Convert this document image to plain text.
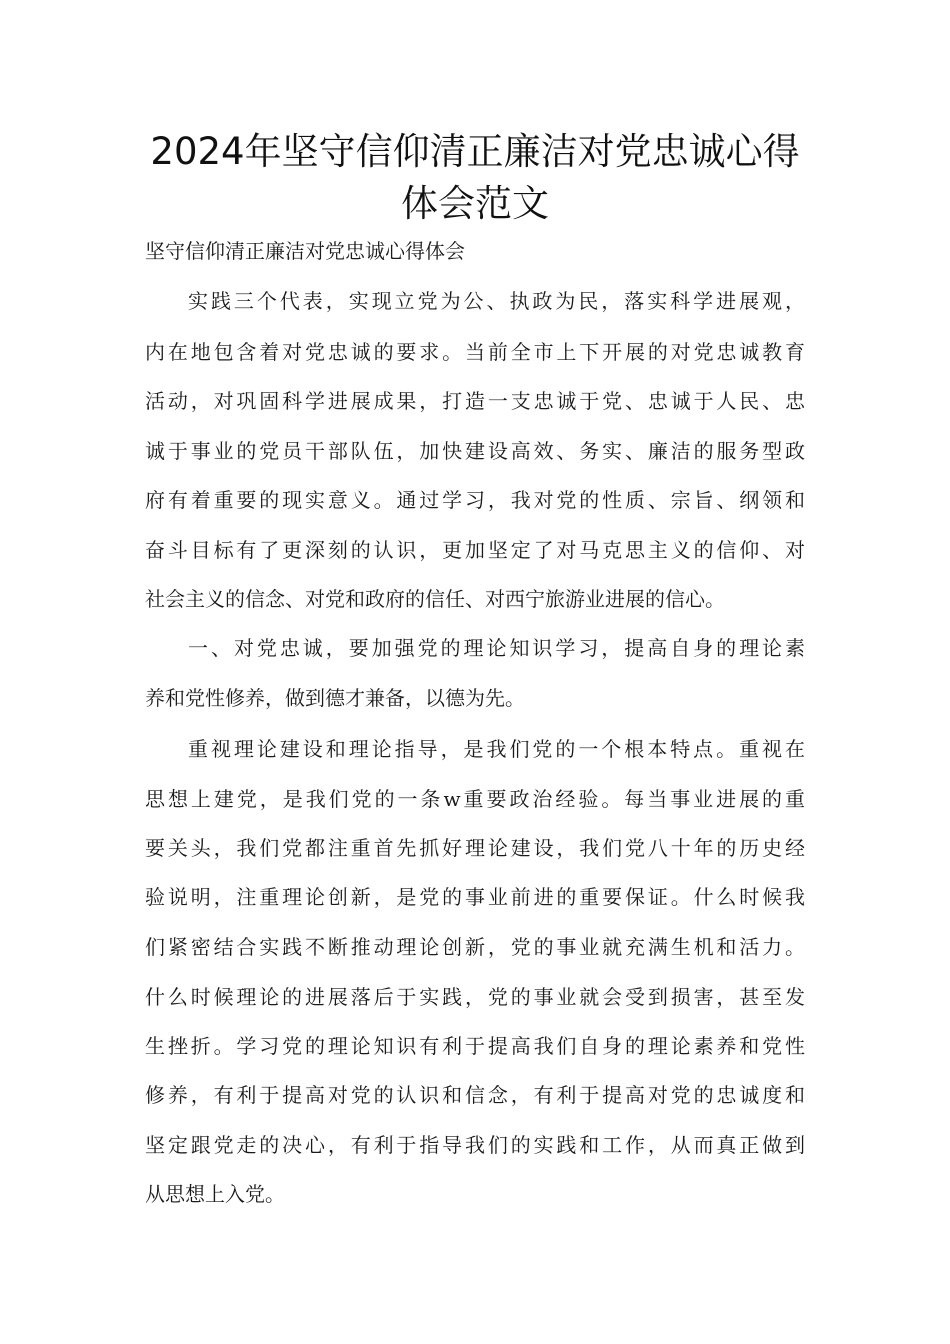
2024年坚守信仰清正廉洁对党忠诚心得
体会范文

坚守信仰清正廉洁对党忠诚心得体会

实践三个代表，实现立党为公、执政为民，落实科学进展观，

内在地包含着对党忠诚的要求。当前全市上下开展的对党忠诚教育

活动，对巩固科学进展成果，打造一支忠诚于党、忠诚于人民、忠

诚于事业的党员干部队伍，加快建设高效、务实、廉洁的服务型政

府有着重要的现实意义。通过学习，我对党的性质、宗旨、纲领和

奋斗目标有了更深刻的认识，更加坚定了对马克思主义的信仰、对

社会主义的信念、对党和政府的信任、对西宁旅游业进展的信心。

一、对党忠诚，要加强党的理论知识学习，提高自身的理论素

养和党性修养，做到德才兼备，以德为先。

重视理论建设和理论指导，是我们党的一个根本特点。重视在

思想上建党，是我们党的一条w重要政治经验。每当事业进展的重

要关头，我们党都注重首先抓好理论建设，我们党八十年的历史经

验说明，注重理论创新，是党的事业前进的重要保证。什么时候我

们紧密结合实践不断推动理论创新，党的事业就充满生机和活力。

什么时候理论的进展落后于实践，党的事业就会受到损害，甚至发

生挫折。学习党的理论知识有利于提高我们自身的理论素养和党性

修养，有利于提高对党的认识和信念，有利于提高对党的忠诚度和

坚定跟党走的决心，有利于指导我们的实践和工作，从而真正做到

从思想上入党。
